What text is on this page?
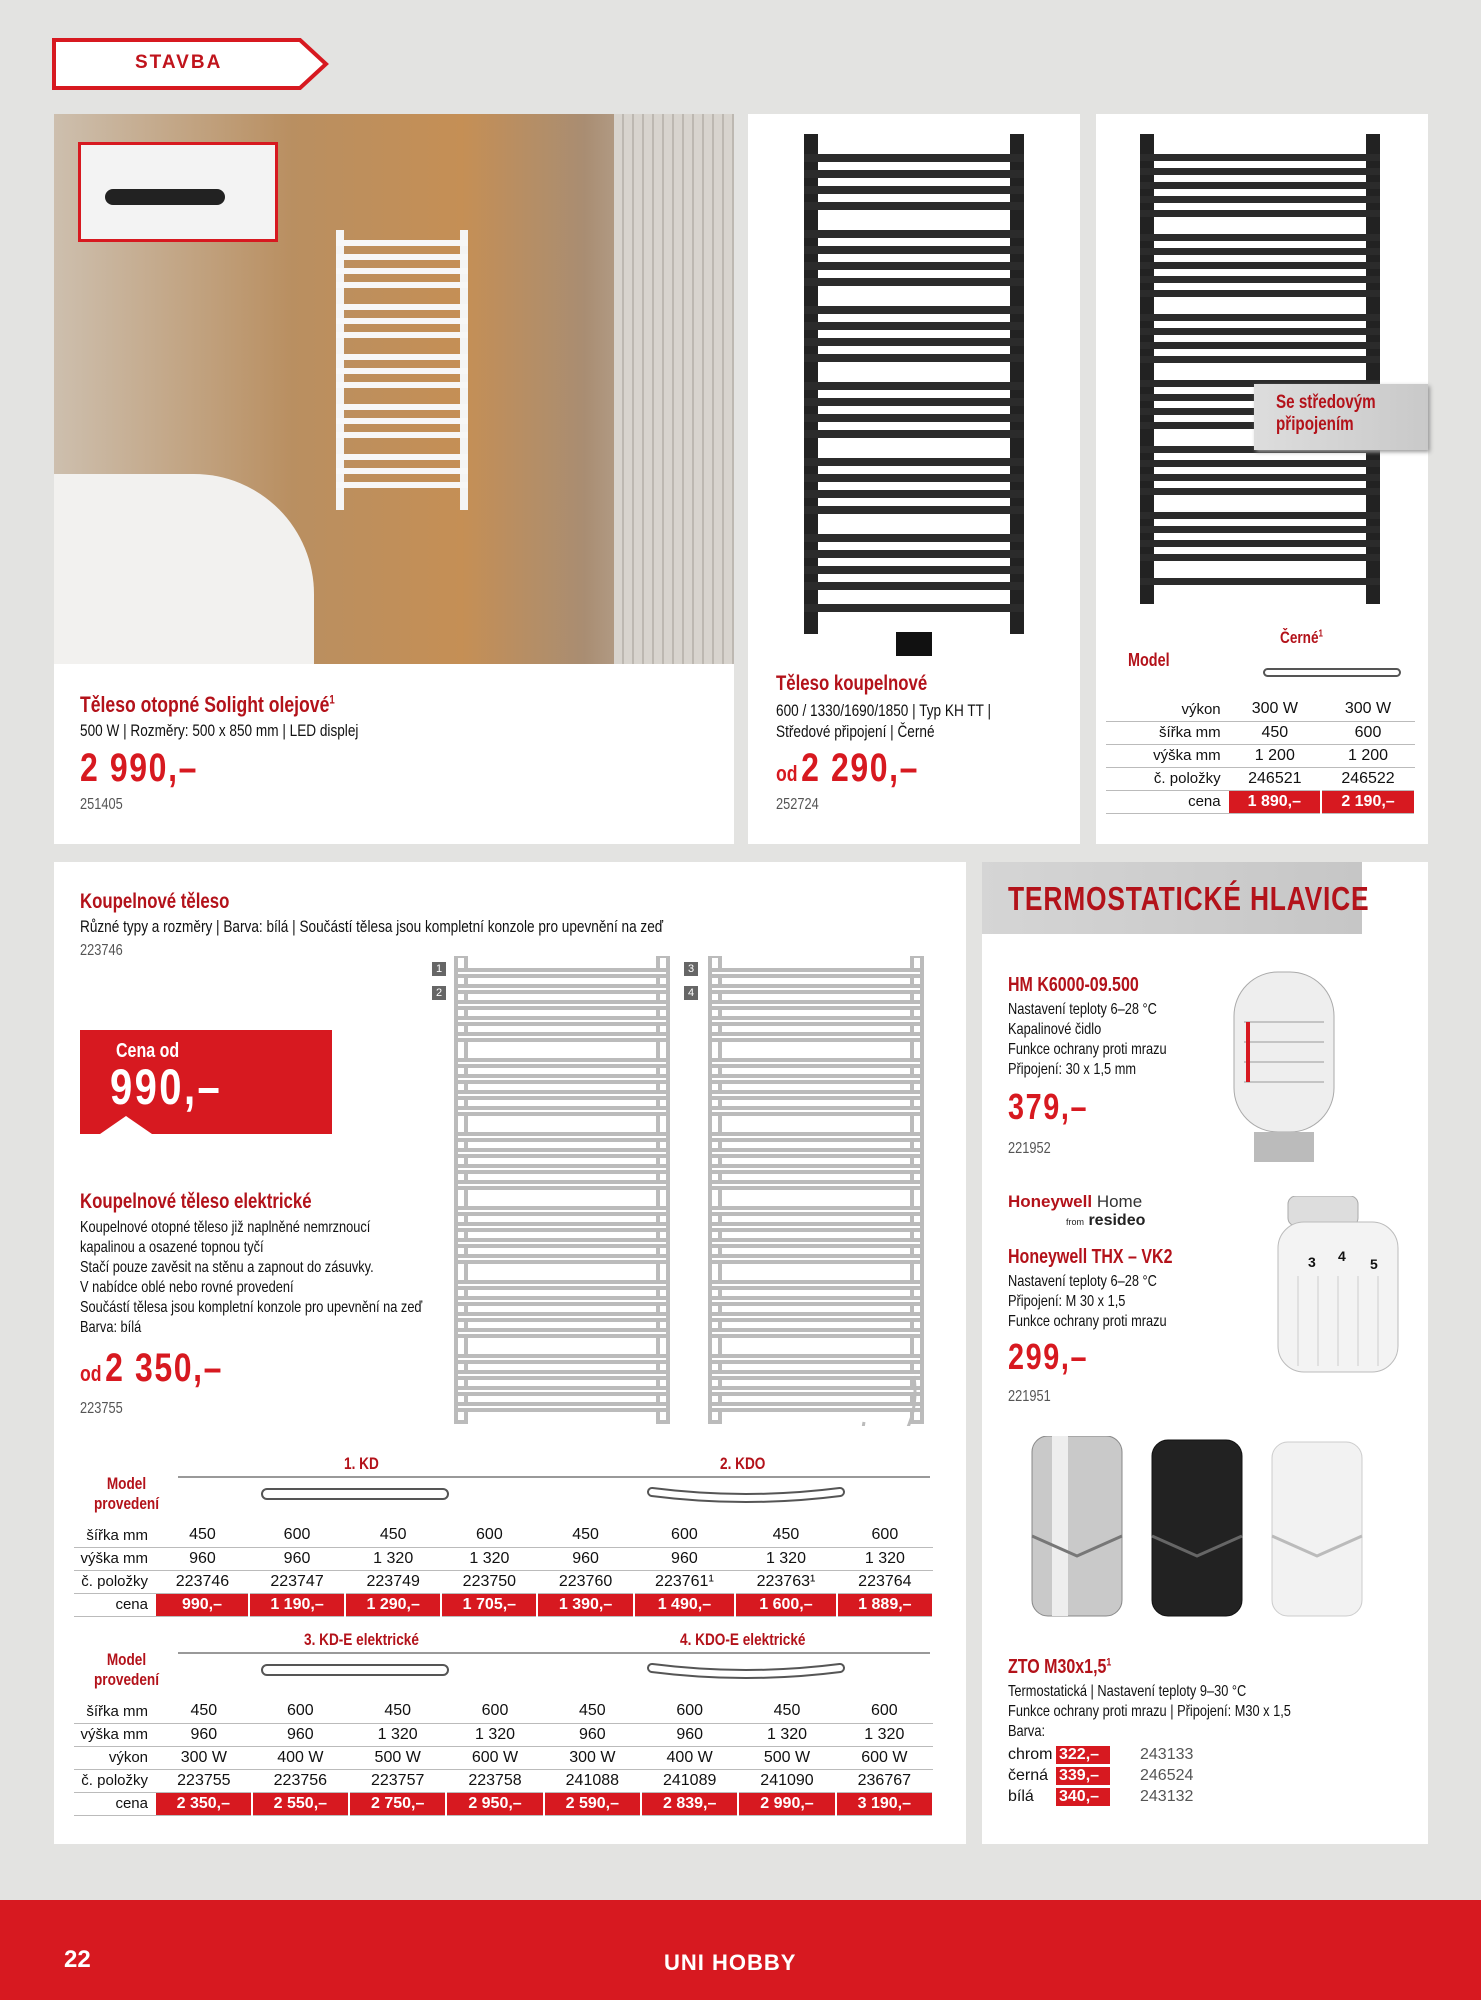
STAVBA
Těleso otopné Solight olejové$^1$
500 W | Rozměry: 500 x 850 mm | LED displej
2 990,–
251405
Těleso koupelnové
600 / 1330/1690/1850 | Typ KH TT |
Středové připojení | Černé
od 2 290,–
252724
Se středovým připojením
Model
Černé$^1$
výkon	300 W	300 W
šířka mm	450	600
výška mm	1 200	1 200
č. položky	246521	246522
cena	1 890,–	2 190,–
Koupelnové těleso
Různé typy a rozměry | Barva: bílá | Součástí tělesa jsou kompletní konzole pro upevnění na zeď
223746
Cena od
990,–
Koupelnové těleso elektrické
Koupelnové otopné těleso již naplněné nemrznoucí
kapalinou a osazené topnou tyčí
Stačí pouze zavěsit na stěnu a zapnout do zásuvky.
V nabídce oblé nebo rovné provedení
Součástí tělesa jsou kompletní konzole pro upevnění na zeď
Barva: bílá
od 2 350,–
223755
1
2
3
4
Model
provedení
1. KD	2. KDO
šířka mm	450	600	450	600	450	600	450	600
výška mm	960	960	1 320	1 320	960	960	1 320	1 320
č. položky	223746	223747	223749	223750	223760	223761¹	223763¹	223764
cena	990,–	1 190,–	1 290,–	1 705,–	1 390,–	1 490,–	1 600,–	1 889,–
Model
provedení
3. KD-E elektrické	4. KDO-E elektrické
šířka mm	450	600	450	600	450	600	450	600
výška mm	960	960	1 320	1 320	960	960	1 320	1 320
výkon	300 W	400 W	500 W	600 W	300 W	400 W	500 W	600 W
č. položky	223755	223756	223757	223758	241088	241089	241090	236767
cena	2 350,–	2 550,–	2 750,–	2 950,–	2 590,–	2 839,–	2 990,–	3 190,–
TERMOSTATICKÉ HLAVICE
HM K6000-09.500
Nastavení teploty 6–28 °C
Kapalinové čidlo
Funkce ochrany proti mrazu
Připojení: 30 x 1,5 mm
379,–
221952
Honeywell Home
from resideo
Honeywell THX – VK2
Nastavení teploty 6–28 °C
Připojení: M 30 x 1,5
Funkce ochrany proti mrazu
299,–
221951
3 4 5
ZTO $M30x1,5^1$
Termostatická | Nastavení teploty 9–30 °C
Funkce ochrany proti mrazu | Připojení: M30 x 1,5
Barva:
chrom 322,–	243133
černá 339,–	246524
bílá	340,–	243132
22	UNI HOBBY
